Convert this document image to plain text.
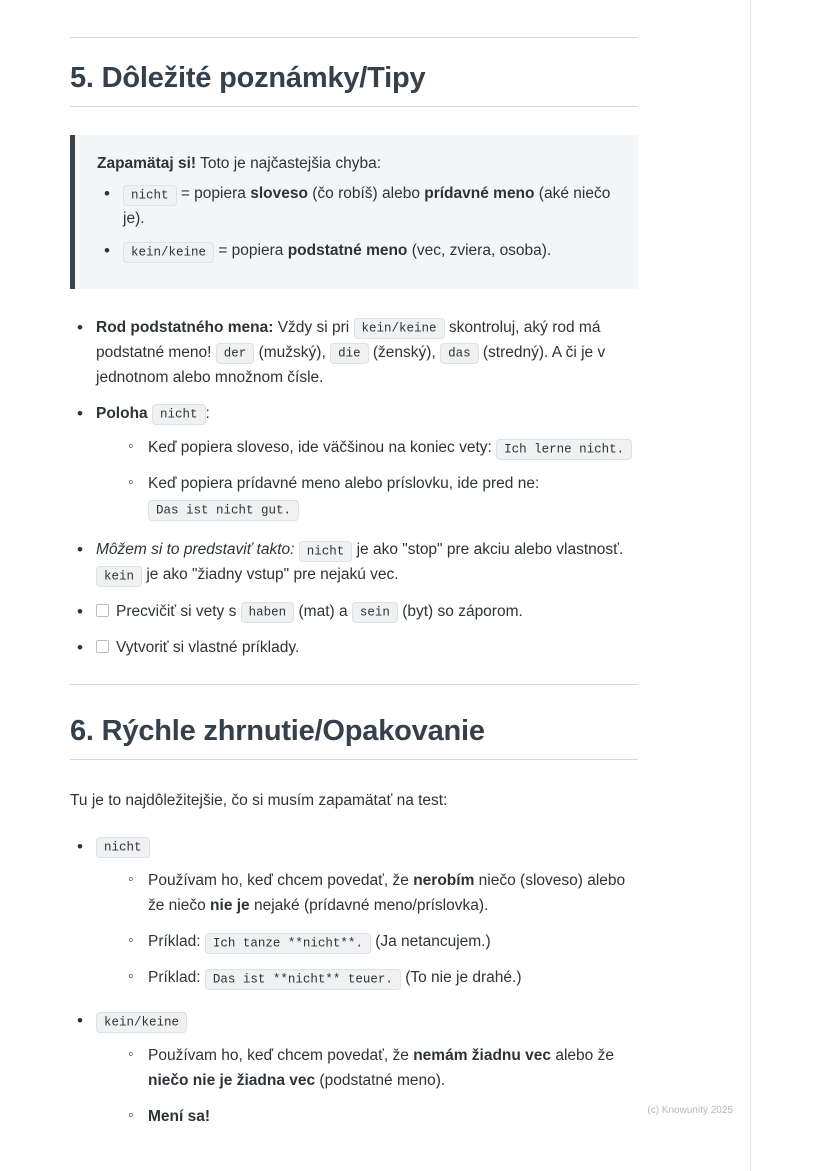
5. Dôležité poznámky/Tipy

Zapamätaj si! Toto je najčastejšia chyba:

• nicht = popiera sloveso (čo robíš) alebo prídavné meno (aké niečo je).
• kein/keine = popiera podstatné meno (vec, zviera, osoba).
• Rod podstatného mena: Vždy si pri kein/keine skontroluj, aký rod má podstatné meno! der (mužský), die (ženský), das (stredný). A či je v jednotnom alebo množnom čísle.
• Poloha nicht :
◦ Keď popiera sloveso, ide väčšinou na koniec vety: Ich lerne nicht.
◦ Keď popiera prídavné meno alebo príslovku, ide pred ne: Das ist nicht gut.
• Môžem si to predstaviť takto: nicht je ako "stop" pre akciu alebo vlastnosť. kein je ako "žiadny vstup" pre nejakú vec.
• Precvičiť si vety s haben (mat) a sein (byt) so záporom.
• Vytvoriť si vlastné príklady.
6. Rýchle zhrnutie/Opakovanie

Tu je to najdôležitejšie, čo si musím zapamätať na test:

• nicht
◦ Používam ho, keď chcem povedať, že nerobím niečo (sloveso) alebo že niečo nie je nejaké (prídavné meno/príslovka).
◦ Príklad: Ich tanze **nicht**. (Ja netancujem.)
◦ Príklad: Das ist **nicht** teuer. (To nie je drahé.)
• kein/keine
◦ Používam ho, keď chcem povedať, že nemám žiadnu vec alebo že niečo nie je žiadna vec (podstatné meno).
◦ Mení sa!	(c) Knowunity 2025
